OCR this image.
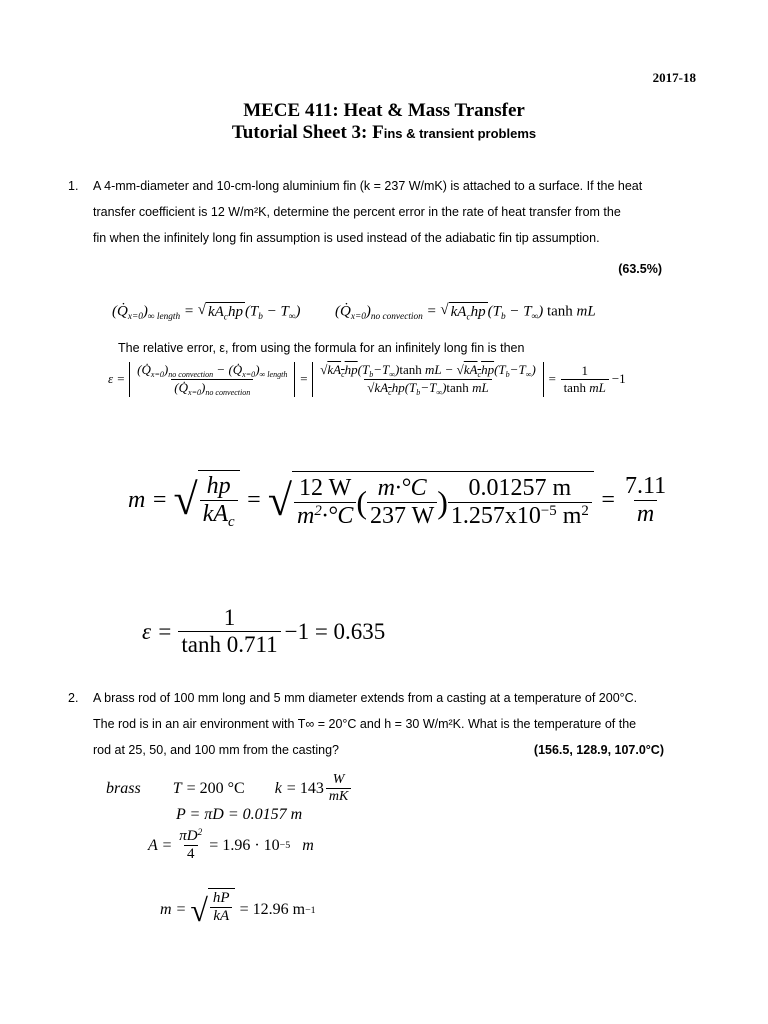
2017-18
MECE 411: Heat & Mass Transfer
Tutorial Sheet 3: Fins & transient problems
1. A 4-mm-diameter and 10-cm-long aluminium fin (k = 237 W/mK) is attached to a surface. If the heat
transfer coefficient is 12 W/m²K, determine the percent error in the rate of heat transfer from the
fin when the infinitely long fin assumption is used instead of the adiabatic fin tip assumption.
(63.5%)
$(Q̇_{x=0})_{\infty length}$ = √ $kA_chp$ $(T_b - T_\infty)$ $(Q̇_{x=0})_{no convection}$ = √ $kA_chp$ $(T_b - T_\infty)$ tanh mL
The relative error, ε, from using the formula for an infinitely long fin is then
$\varepsilon = \frac{(Q̇_{x=0})_{no convection} - (Q̇_{x=0})_{\infty length}}{(Q̇_{x=0})_{no convection}} = \frac{√kA_chp(T_b-T_\infty)\tanh mL - √kA_chp(T_b-T_\infty)}{√kA_chp(T_b-T_\infty)\tanh mL} = \frac{1}{\text{tanh mL}} -1$
m = √ $\frac{hp}{kA_c}$ = √ $\frac{12 W}{m^2\cdot^\circ C}$ ( $\frac{m\cdot^\circ C}{237 W}$ ) $\frac{0.01257 m}{1.257x10^{-5} m^2} = \frac{7.11}{m}$
$\varepsilon = \frac{1}{\tanh 0.711} -1 = 0.635$
2. A brass rod of 100 mm long and 5 mm diameter extends from a casting at a temperature of 200°C.
The rod is in an air environment with T∞ = 20°C and h = 30 W/m²K. What is the temperature of the
rod at 25, 50, and 100 mm from the casting?	(156.5, 128.9, 107.0°C)
brass T = 200 °C $k = 143 \frac{W}{mK}$
P = πD = 0.0157 m
$A = \frac{\pi D^2}{4} = 1.96 \cdot 10 -5$ m
m = √ $\frac{hP}{kA} = 12.96$ m −1
